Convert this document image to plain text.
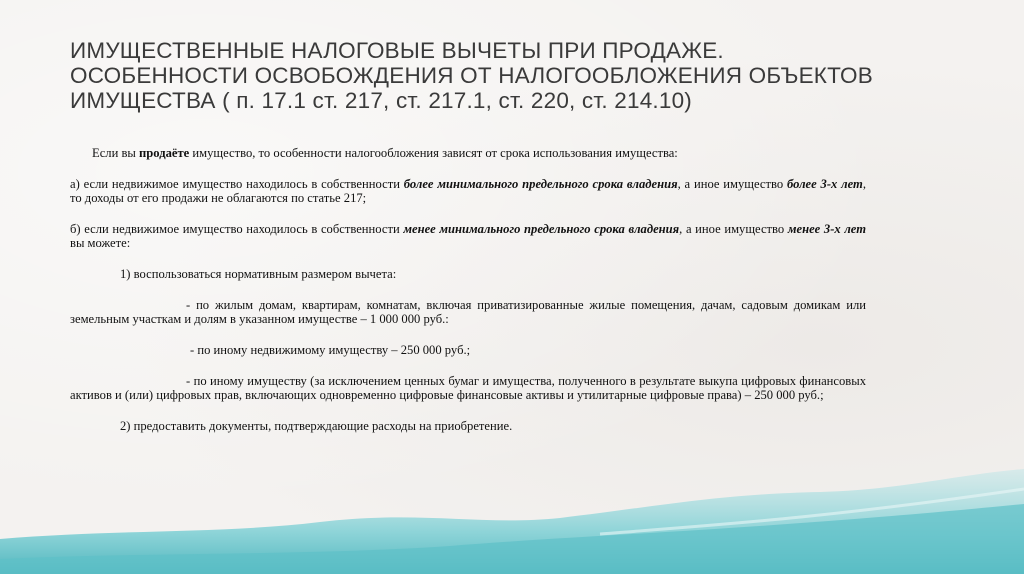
ИМУЩЕСТВЕННЫЕ НАЛОГОВЫЕ ВЫЧЕТЫ ПРИ ПРОДАЖЕ. ОСОБЕННОСТИ ОСВОБОЖДЕНИЯ ОТ НАЛОГООБЛОЖЕНИЯ ОБЪЕКТОВ ИМУЩЕСТВА ( п. 17.1 ст. 217, ст. 217.1, ст. 220, ст. 214.10)

Если вы продаёте имущество, то особенности налогообложения зависят от срока использования имущества:

а) если недвижимое имущество находилось в собственности более минимального предельного срока владения, а иное имущество более 3-х лет, то доходы от его продажи не облагаются по статье 217;

б) если недвижимое имущество находилось в собственности менее минимального предельного срока владения, а иное имущество менее 3-х лет вы можете:

1) воспользоваться нормативным размером вычета:

- по жилым домам, квартирам, комнатам, включая приватизированные жилые помещения, дачам, садовым домикам или земельным участкам и долям в указанном имуществе – 1 000 000 руб.:

- по иному недвижимому имуществу – 250 000 руб.;

- по иному имуществу (за исключением ценных бумаг и имущества, полученного в результате выкупа цифровых финансовых активов и (или) цифровых прав, включающих одновременно цифровые финансовые активы и утилитарные цифровые права) – 250 000 руб.;

2) предоставить документы, подтверждающие расходы на приобретение.
